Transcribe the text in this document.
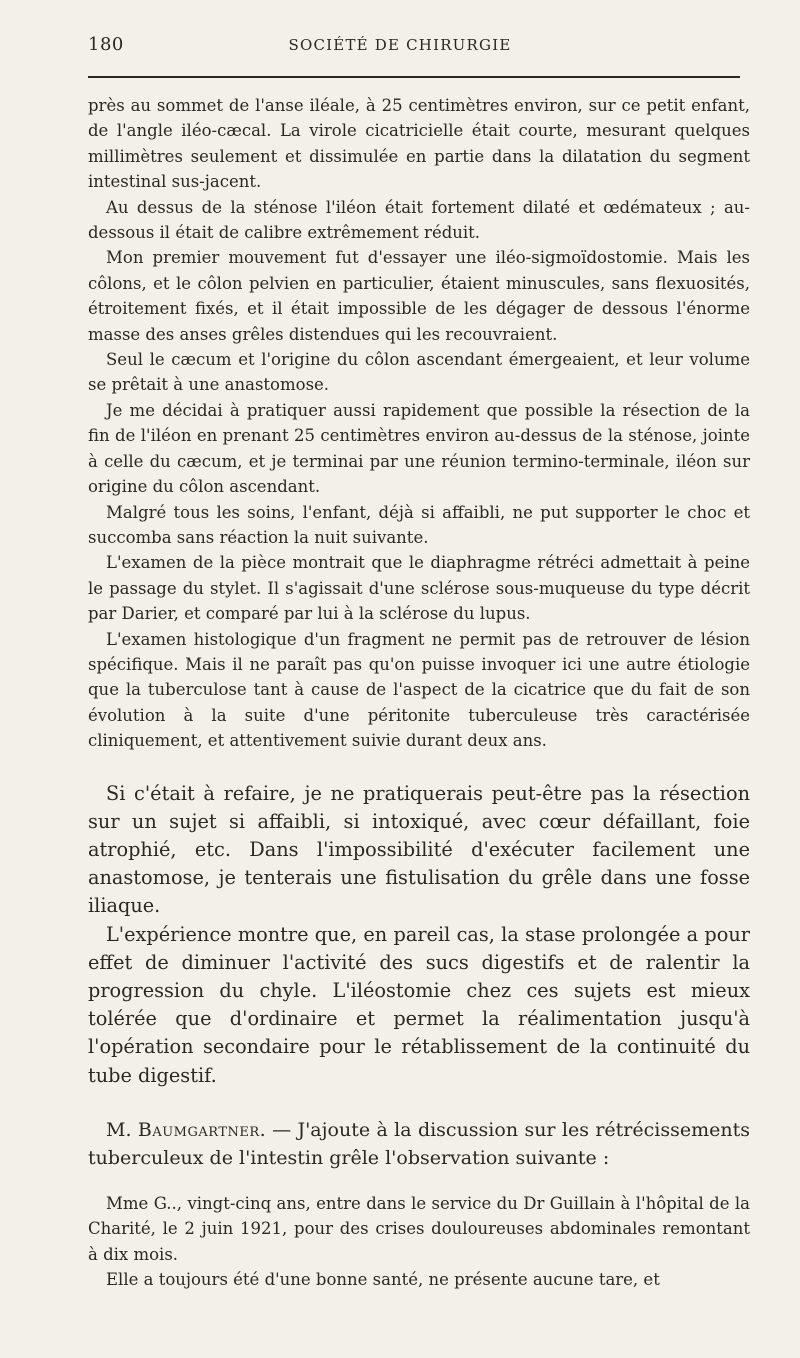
180	SOCIÉTÉ DE CHIRURGIE

près au sommet de l'anse iléale, à 25 centimètres environ, sur ce petit enfant, de l'angle iléo-cæcal. La virole cicatricielle était courte, mesurant quelques millimètres seulement et dissimulée en partie dans la dilatation du segment intestinal sus-jacent.

Au dessus de la sténose l'iléon était fortement dilaté et œdémateux ; au-dessous il était de calibre extrêmement réduit.

Mon premier mouvement fut d'essayer une iléo-sigmoïdostomie. Mais les côlons, et le côlon pelvien en particulier, étaient minuscules, sans flexuosités, étroitement fixés, et il était impossible de les dégager de dessous l'énorme masse des anses grêles distendues qui les recouvraient.

Seul le cæcum et l'origine du côlon ascendant émergeaient, et leur volume se prêtait à une anastomose.

Je me décidai à pratiquer aussi rapidement que possible la résection de la fin de l'iléon en prenant 25 centimètres environ au-dessus de la sténose, jointe à celle du cæcum, et je terminai par une réunion termino-terminale, iléon sur origine du côlon ascendant.

Malgré tous les soins, l'enfant, déjà si affaibli, ne put supporter le choc et succomba sans réaction la nuit suivante.

L'examen de la pièce montrait que le diaphragme rétréci admettait à peine le passage du stylet. Il s'agissait d'une sclérose sous-muqueuse du type décrit par Darier, et comparé par lui à la sclérose du lupus.

L'examen histologique d'un fragment ne permit pas de retrouver de lésion spécifique. Mais il ne paraît pas qu'on puisse invoquer ici une autre étiologie que la tuberculose tant à cause de l'aspect de la cicatrice que du fait de son évolution à la suite d'une péritonite tuberculeuse très caractérisée cliniquement, et attentivement suivie durant deux ans.

Si c'était à refaire, je ne pratiquerais peut-être pas la résection sur un sujet si affaibli, si intoxiqué, avec cœur défaillant, foie atrophié, etc. Dans l'impossibilité d'exécuter facilement une anastomose, je tenterais une fistulisation du grêle dans une fosse iliaque.

L'expérience montre que, en pareil cas, la stase prolongée a pour effet de diminuer l'activité des sucs digestifs et de ralentir la progression du chyle. L'iléostomie chez ces sujets est mieux tolérée que d'ordinaire et permet la réalimentation jusqu'à l'opération secondaire pour le rétablissement de la continuité du tube digestif.

M. Baumgartner. — J'ajoute à la discussion sur les rétrécissements tuberculeux de l'intestin grêle l'observation suivante :

Mme G.., vingt-cinq ans, entre dans le service du Dr Guillain à l'hôpital de la Charité, le 2 juin 1921, pour des crises douloureuses abdominales remontant à dix mois.

Elle a toujours été d'une bonne santé, ne présente aucune tare, et
